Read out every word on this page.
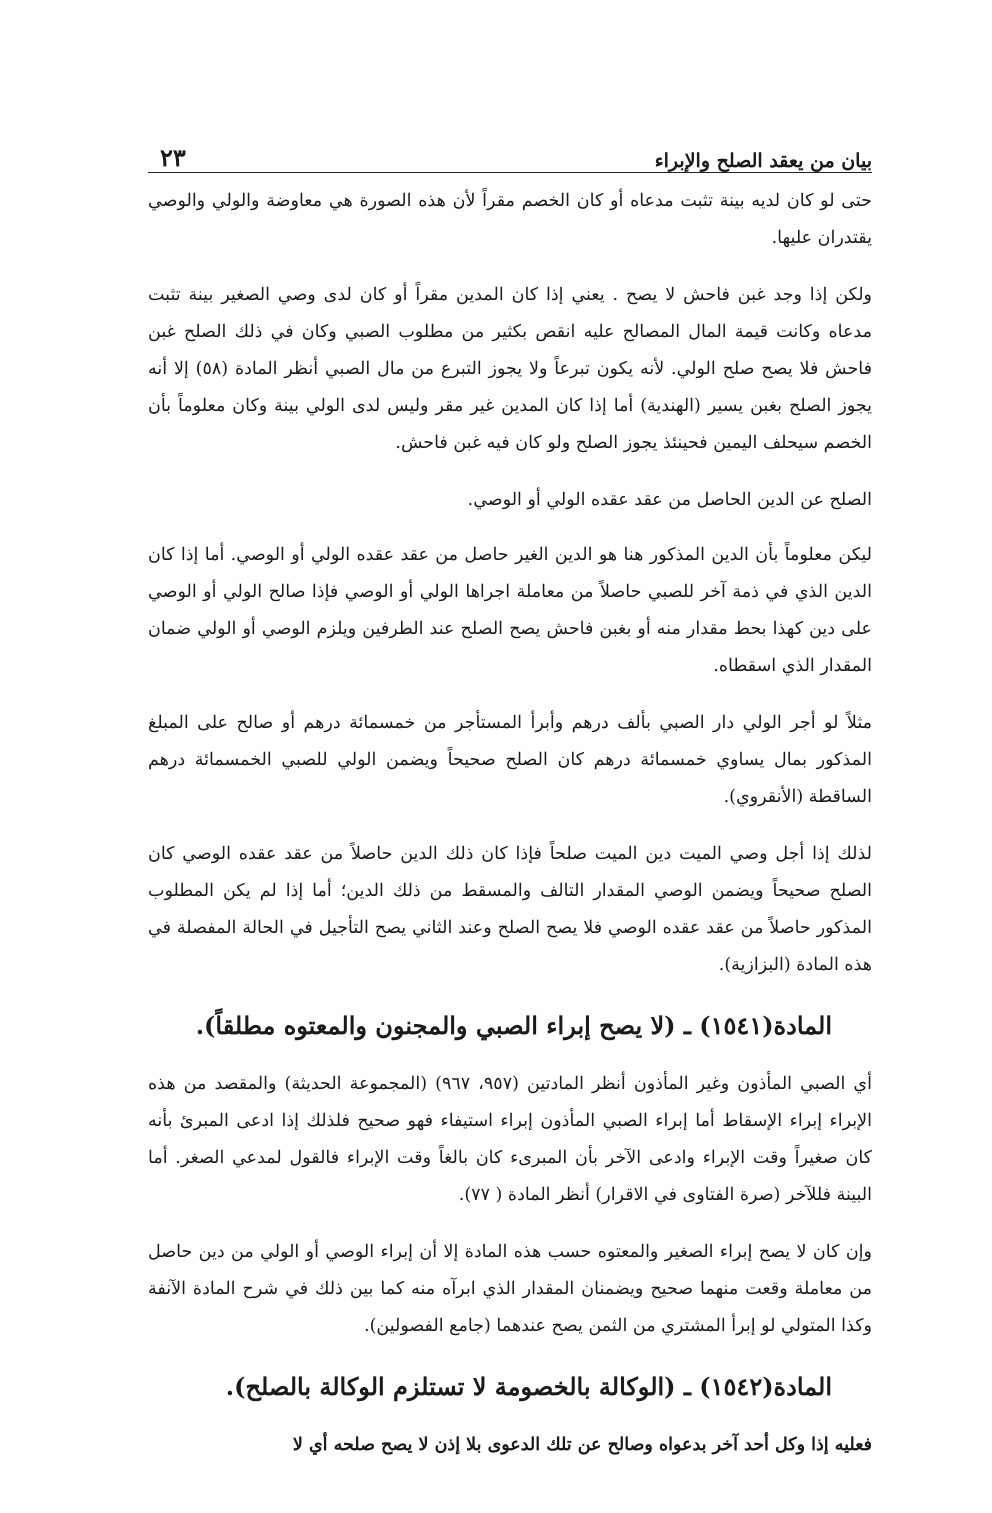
بيان من يعقد الصلح والإبراء
٢٣

حتى لو كان لديه بينة تثبت مدعاه أو كان الخصم مقراً لأن هذه الصورة هي معاوضة والولي والوصي يقتدران عليها.

ولكن إذا وجد غبن فاحش لا يصح . يعني إذا كان المدين مقراً أو كان لدى وصي الصغير بينة تثبت مدعاه وكانت قيمة المال المصالح عليه انقص بكثير من مطلوب الصبي وكان في ذلك الصلح غبن فاحش فلا يصح صلح الولي. لأنه يكون تبرعاً ولا يجوز التبرع من مال الصبي أنظر المادة (٥٨) إلا أنه يجوز الصلح بغبن يسير (الهندية) أما إذا كان المدين غير مقر وليس لدى الولي بينة وكان معلوماً بأن الخصم سيحلف اليمين فحينئذ يجوز الصلح ولو كان فيه غبن فاحش.

الصلح عن الدين الحاصل من عقد عقده الولي أو الوصي.

ليكن معلوماً بأن الدين المذكور هنا هو الدين الغير حاصل من عقد عقده الولي أو الوصي. أما إذا كان الدين الذي في ذمة آخر للصبي حاصلاً من معاملة اجراها الولي أو الوصي فإذا صالح الولي أو الوصي على دين كهذا بحط مقدار منه أو بغبن فاحش يصح الصلح عند الطرفين ويلزم الوصي أو الولي ضمان المقدار الذي اسقطاه.

مثلاً لو أجر الولي دار الصبي بألف درهم وأبرأ المستأجر من خمسمائة درهم أو صالح على المبلغ المذكور بمال يساوي خمسمائة درهم كان الصلح صحيحاً ويضمن الولي للصبي الخمسمائة درهم الساقطة (الأنقروي).

لذلك إذا أجل وصي الميت دين الميت صلحاً فإذا كان ذلك الدين حاصلاً من عقد عقده الوصي كان الصلح صحيحاً ويضمن الوصي المقدار التالف والمسقط من ذلك الدين؛ أما إذا لم يكن المطلوب المذكور حاصلاً من عقد عقده الوصي فلا يصح الصلح وعند الثاني يصح التأجيل في الحالة المفصلة في هذه المادة (البزازية).

المادة(١٥٤١) ـ (لا يصح إبراء الصبي والمجنون والمعتوه مطلقاً).

أي الصبي المأذون وغير المأذون أنظر المادتين (٩٥٧، ٩٦٧) (المجموعة الحديثة) والمقصد من هذه الإبراء إبراء الإسقاط أما إبراء الصبي المأذون إبراء استيفاء فهو صحيح فلذلك إذا ادعى المبرئ بأنه كان صغيراً وقت الإبراء وادعى الآخر بأن المبرىء كان بالغاً وقت الإبراء فالقول لمدعي الصغر. أما البينة فللآخر (صرة الفتاوى في الاقرار) أنظر المادة ( ٧٧).

وإن كان لا يصح إبراء الصغير والمعتوه حسب هذه المادة إلا أن إبراء الوصي أو الولي من دين حاصل من معاملة وقعت منهما صحيح ويضمنان المقدار الذي ابرآه منه كما بين ذلك في شرح المادة الآنفة وكذا المتولي لو إبرأ المشتري من الثمن يصح عندهما (جامع الفصولين).

المادة(١٥٤٢) ـ (الوكالة بالخصومة لا تستلزم الوكالة بالصلح).

فعليه إذا وكل أحد آخر بدعواه وصالح عن تلك الدعوى بلا إذن لا يصح صلحه أي لا
